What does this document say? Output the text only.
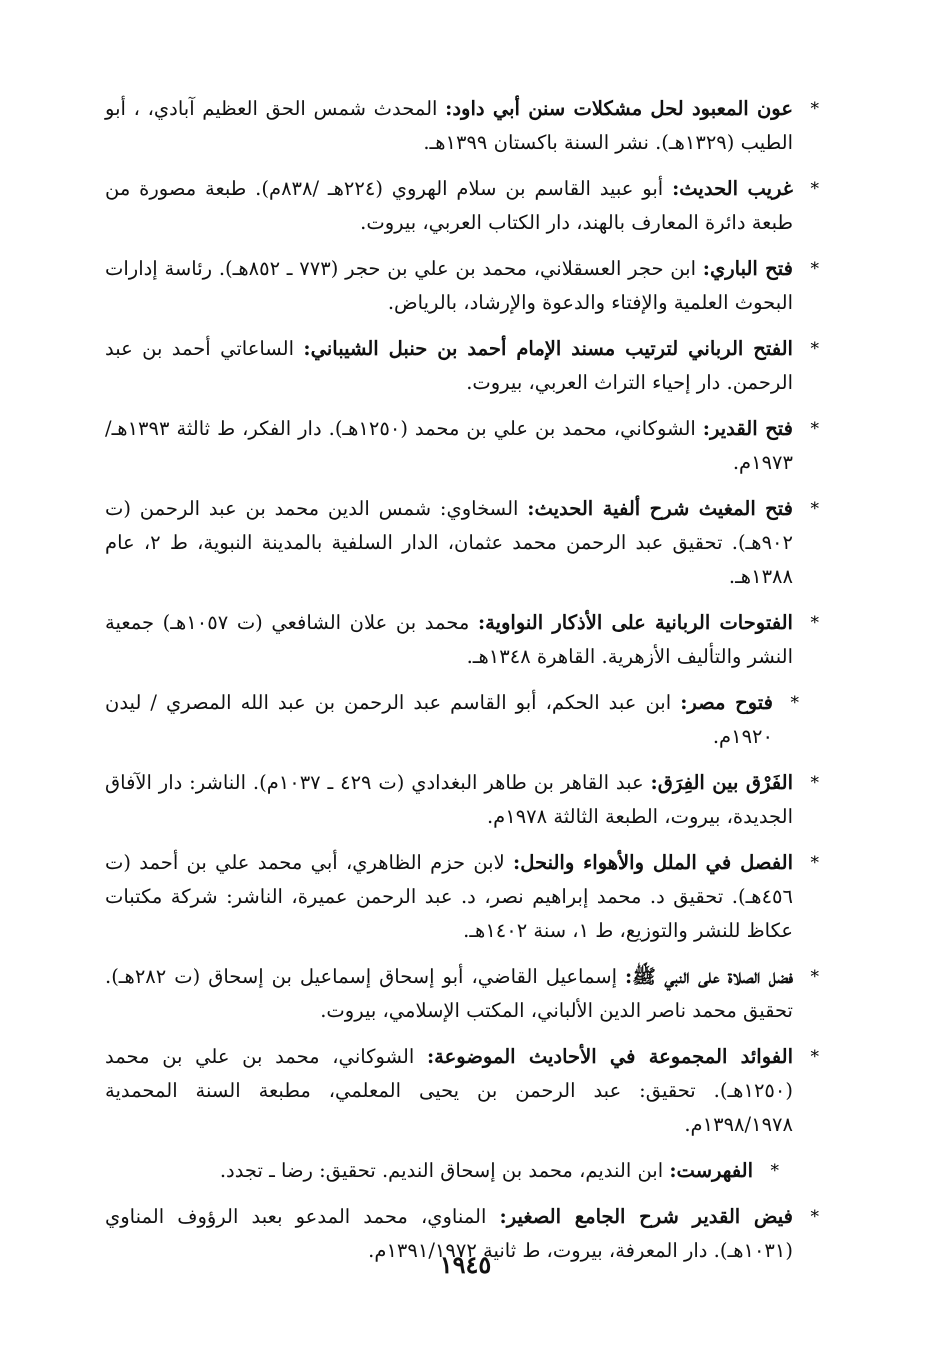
*
عون المعبود لحل مشكلات سنن أبي داود: المحدث شمس الحق العظيم آبادي، ، أبو الطيب (١٣٢٩هـ). نشر السنة باكستان ١٣٩٩هـ.
*
غريب الحديث: أبو عبيد القاسم بن سلام الهروي (٢٢٤هـ /٨٣٨م). طبعة مصورة من طبعة دائرة المعارف بالهند، دار الكتاب العربي، بيروت.
*
فتح الباري: ابن حجر العسقلاني، محمد بن علي بن حجر (٧٧٣ ـ ٨٥٢هـ). رئاسة إدارات البحوث العلمية والإفتاء والدعوة والإرشاد، بالرياض.
*
الفتح الرباني لترتيب مسند الإمام أحمد بن حنبل الشيباني: الساعاتي أحمد بن عبد الرحمن. دار إحياء التراث العربي، بيروت.
*
فتح القدير: الشوكاني، محمد بن علي بن محمد (١٢٥٠هـ). دار الفكر، ط ثالثة ١٣٩٣هـ/١٩٧٣م.
*
فتح المغيث شرح ألفية الحديث: السخاوي: شمس الدين محمد بن عبد الرحمن (ت ٩٠٢هـ). تحقيق عبد الرحمن محمد عثمان، الدار السلفية بالمدينة النبوية، ط ٢، عام ١٣٨٨هـ.
*
الفتوحات الربانية على الأذكار النواوية: محمد بن علان الشافعي (ت ١٠٥٧هـ) جمعية النشر والتأليف الأزهرية. القاهرة ١٣٤٨هـ.
*
فتوح مصر: ابن عبد الحكم، أبو القاسم عبد الرحمن بن عبد الله المصري / ليدن ١٩٢٠م.
*
الفَرْق بين الفِرَق: عبد القاهر بن طاهر البغدادي (ت ٤٢٩ ـ ١٠٣٧م). الناشر: دار الآفاق الجديدة، بيروت، الطبعة الثالثة ١٩٧٨م.
*
الفصل في الملل والأهواء والنحل: لابن حزم الظاهري، أبي محمد علي بن أحمد (ت ٤٥٦هـ). تحقيق د. محمد إبراهيم نصر، د. عبد الرحمن عميرة، الناشر: شركة مكتبات عكاظ للنشر والتوزيع، ط ١، سنة ١٤٠٢هـ.
*
فضل الصلاة على النبي ﷺ: إسماعيل القاضي، أبو إسحاق إسماعيل بن إسحاق (ت ٢٨٢هـ). تحقيق محمد ناصر الدين الألباني، المكتب الإسلامي، بيروت.
*
الفوائد المجموعة في الأحاديث الموضوعة: الشوكاني، محمد بن علي بن محمد (١٢٥٠هـ). تحقيق: عبد الرحمن بن يحيى المعلمي، مطبعة السنة المحمدية ١٣٩٨/١٩٧٨م.
*
الفهرست: ابن النديم، محمد بن إسحاق النديم. تحقيق: رضا ـ تجدد.
*
فيض القدير شرح الجامع الصغير: المناوي، محمد المدعو بعبد الرؤوف المناوي (١٠٣١هـ). دار المعرفة، بيروت، ط ثانية ١٣٩١/١٩٧٢م.
١٩٤٥
